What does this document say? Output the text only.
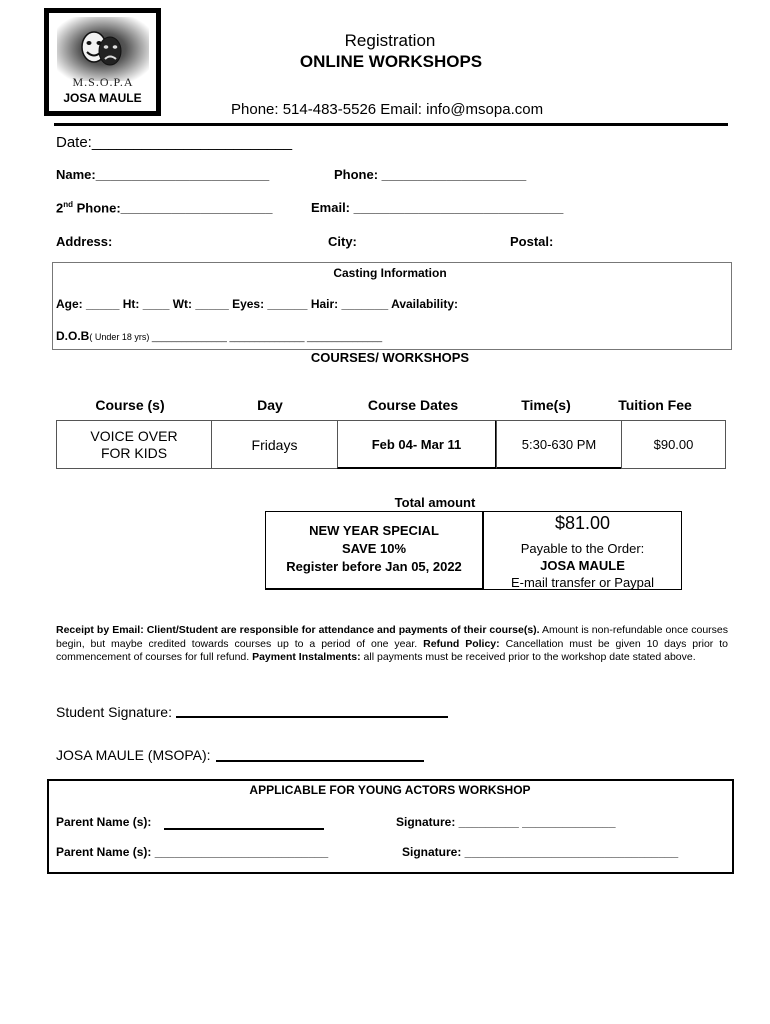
M.S.O.P.A
JOSA MAULE
Registration
ONLINE WORKSHOPS
Phone: 514-483-5526 Email: info@msopa.com
Date:________________________
Name:________________________	Phone: ____________________
2nd Phone:_____________________	Email: _____________________________
Address:	City:	Postal:
Casting Information
Age: _____ Ht: ____ Wt: _____ Eyes: ______ Hair: _______ Availability:
D.O.B( Under 18 yrs) _______________ _______________ _______________
COURSES/ WORKSHOPS
Course (s)	Day	Course Dates	Time(s)	Tuition Fee
VOICE OVER
FOR KIDS	Fridays	Feb 04- Mar 11	5:30-630 PM	$90.00
Total amount
NEW YEAR SPECIAL
SAVE 10%
Register before Jan 05, 2022
$81.00
Payable to the Order:
JOSA MAULE
E-mail transfer or Paypal

Receipt by Email: Client/Student are responsible for attendance and payments of their course(s). Amount is non-refundable once courses begin, but maybe credited towards courses up to a period of one year. Refund Policy: Cancellation must be given 10 days prior to commencement of courses for full refund. Payment Instalments: all payments must be received prior to the workshop date stated above.

Student Signature:
JOSA MAULE (MSOPA):
APPLICABLE FOR YOUNG ACTORS WORKSHOP
Parent Name (s):	Signature: _________ ______________
Parent Name (s): __________________________	Signature: ________________________________
